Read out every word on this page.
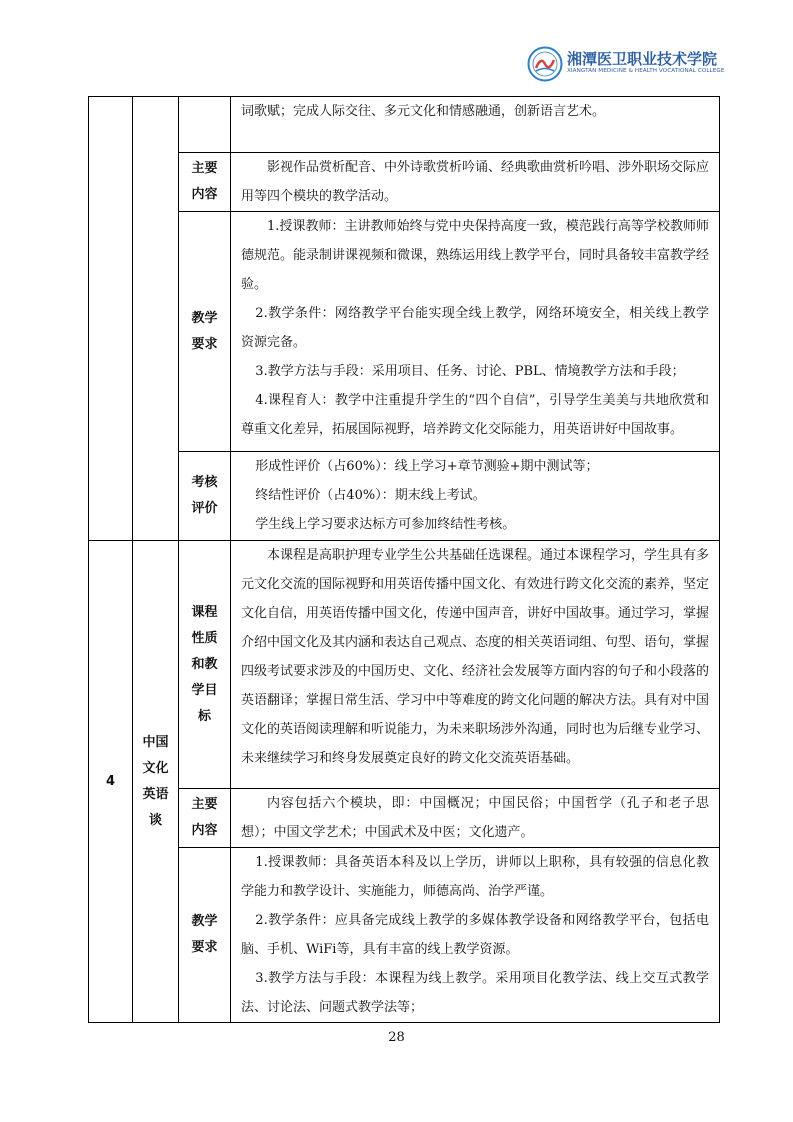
湘潭医卫职业技术学院
XIANGTAN MEDICINE & HEALTH VOCATIONAL COLLEGE

			词歌赋；完成人际交往、多元文化和情感融通，创新语言艺术。

		主要内容	影视作品赏析配音、中外诗歌赏析吟诵、经典歌曲赏析吟唱、涉外职场交际应用等四个模块的教学活动。

		教学要求	1.授课教师：主讲教师始终与党中央保持高度一致，模范践行高等学校教师师德规范。能录制讲课视频和微课，熟练运用线上教学平台，同时具备较丰富教学经验。

2.教学条件：网络教学平台能实现全线上教学，网络环境安全，相关线上教学资源完备。

3.教学方法与手段：采用项目、任务、讨论、PBL、情境教学方法和手段；

4.课程育人：教学中注重提升学生的“四个自信”，引导学生美美与共地欣赏和尊重文化差异，拓展国际视野，培养跨文化交际能力，用英语讲好中国故事。

		考核评价	形成性评价（占60%）：线上学习+章节测验+期中测试等；

终结性评价（占40%）：期末线上考试。

学生线上学习要求达标方可参加终结性考核。

4	中国文化英语谈	课程性质和教学目标	本课程是高职护理专业学生公共基础任选课程。通过本课程学习，学生具有多元文化交流的国际视野和用英语传播中国文化、有效进行跨文化交流的素养，坚定文化自信，用英语传播中国文化，传递中国声音，讲好中国故事。通过学习，掌握介绍中国文化及其内涵和表达自己观点、态度的相关英语词组、句型、语句，掌握四级考试要求涉及的中国历史、文化、经济社会发展等方面内容的句子和小段落的英语翻译；掌握日常生活、学习中中等难度的跨文化问题的解决方法。具有对中国文化的英语阅读理解和听说能力，为未来职场涉外沟通，同时也为后继专业学习、未来继续学习和终身发展奠定良好的跨文化交流英语基础。

		主要内容	内容包括六个模块，即：中国概况；中国民俗；中国哲学（孔子和老子思想）；中国文学艺术；中国武术及中医；文化遗产。

		教学要求	1.授课教师：具备英语本科及以上学历，讲师以上职称，具有较强的信息化教学能力和教学设计、实施能力，师德高尚、治学严谨。

2.教学条件：应具备完成线上教学的多媒体教学设备和网络教学平台，包括电脑、手机、WiFi等，具有丰富的线上教学资源。

3.教学方法与手段：本课程为线上教学。采用项目化教学法、线上交互式教学法、讨论法、问题式教学法等；

28
